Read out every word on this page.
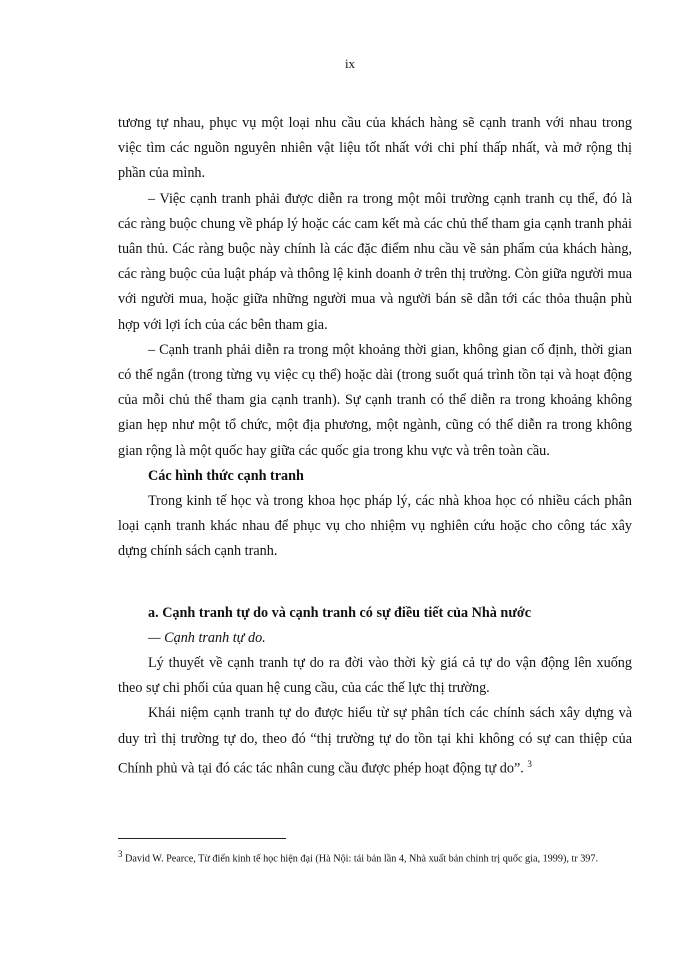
ix

tương tự nhau, phục vụ một loại nhu cầu của khách hàng sẽ cạnh tranh với nhau trong việc tìm các nguồn nguyên nhiên vật liệu tốt nhất với chi phí thấp nhất, và mở rộng thị phần của mình.

– Việc cạnh tranh phải được diễn ra trong một môi trường cạnh tranh cụ thể, đó là các ràng buộc chung về pháp lý hoặc các cam kết mà các chủ thể tham gia cạnh tranh phải tuân thủ. Các ràng buộc này chính là các đặc điểm nhu cầu về sản phẩm của khách hàng, các ràng buộc của luật pháp và thông lệ kinh doanh ở trên thị trường. Còn giữa người mua với người mua, hoặc giữa những người mua và người bán sẽ dẫn tới các thỏa thuận phù hợp với lợi ích của các bên tham gia.

– Cạnh tranh phải diễn ra trong một khoảng thời gian, không gian cố định, thời gian có thể ngắn (trong từng vụ việc cụ thể) hoặc dài (trong suốt quá trình tồn tại và hoạt động của mỗi chủ thể tham gia cạnh tranh). Sự cạnh tranh có thể diễn ra trong khoảng không gian hẹp như một tổ chức, một địa phương, một ngành, cũng có thể diễn ra trong không gian rộng là một quốc hay giữa các quốc gia trong khu vực và trên toàn cầu.

Các hình thức cạnh tranh

Trong kinh tế học và trong khoa học pháp lý, các nhà khoa học có nhiều cách phân loại cạnh tranh khác nhau để phục vụ cho nhiệm vụ nghiên cứu hoặc cho công tác xây dựng chính sách cạnh tranh.

a. Cạnh tranh tự do và cạnh tranh có sự điều tiết của Nhà nước

— Cạnh tranh tự do.

Lý thuyết về cạnh tranh tự do ra đời vào thời kỳ giá cả tự do vận động lên xuống theo sự chi phối của quan hệ cung cầu, của các thế lực thị trường.

Khái niệm cạnh tranh tự do được hiểu từ sự phân tích các chính sách xây dựng và duy trì thị trường tự do, theo đó “thị trường tự do tồn tại khi không có sự can thiệp của Chính phủ và tại đó các tác nhân cung cầu được phép hoạt động tự do”. $^3$

$^3$ David W. Pearce, Từ điển kinh tế học hiện đại (Hà Nội: tái bản lần 4, Nhà xuất bản chính trị quốc gia, 1999), tr 397.
